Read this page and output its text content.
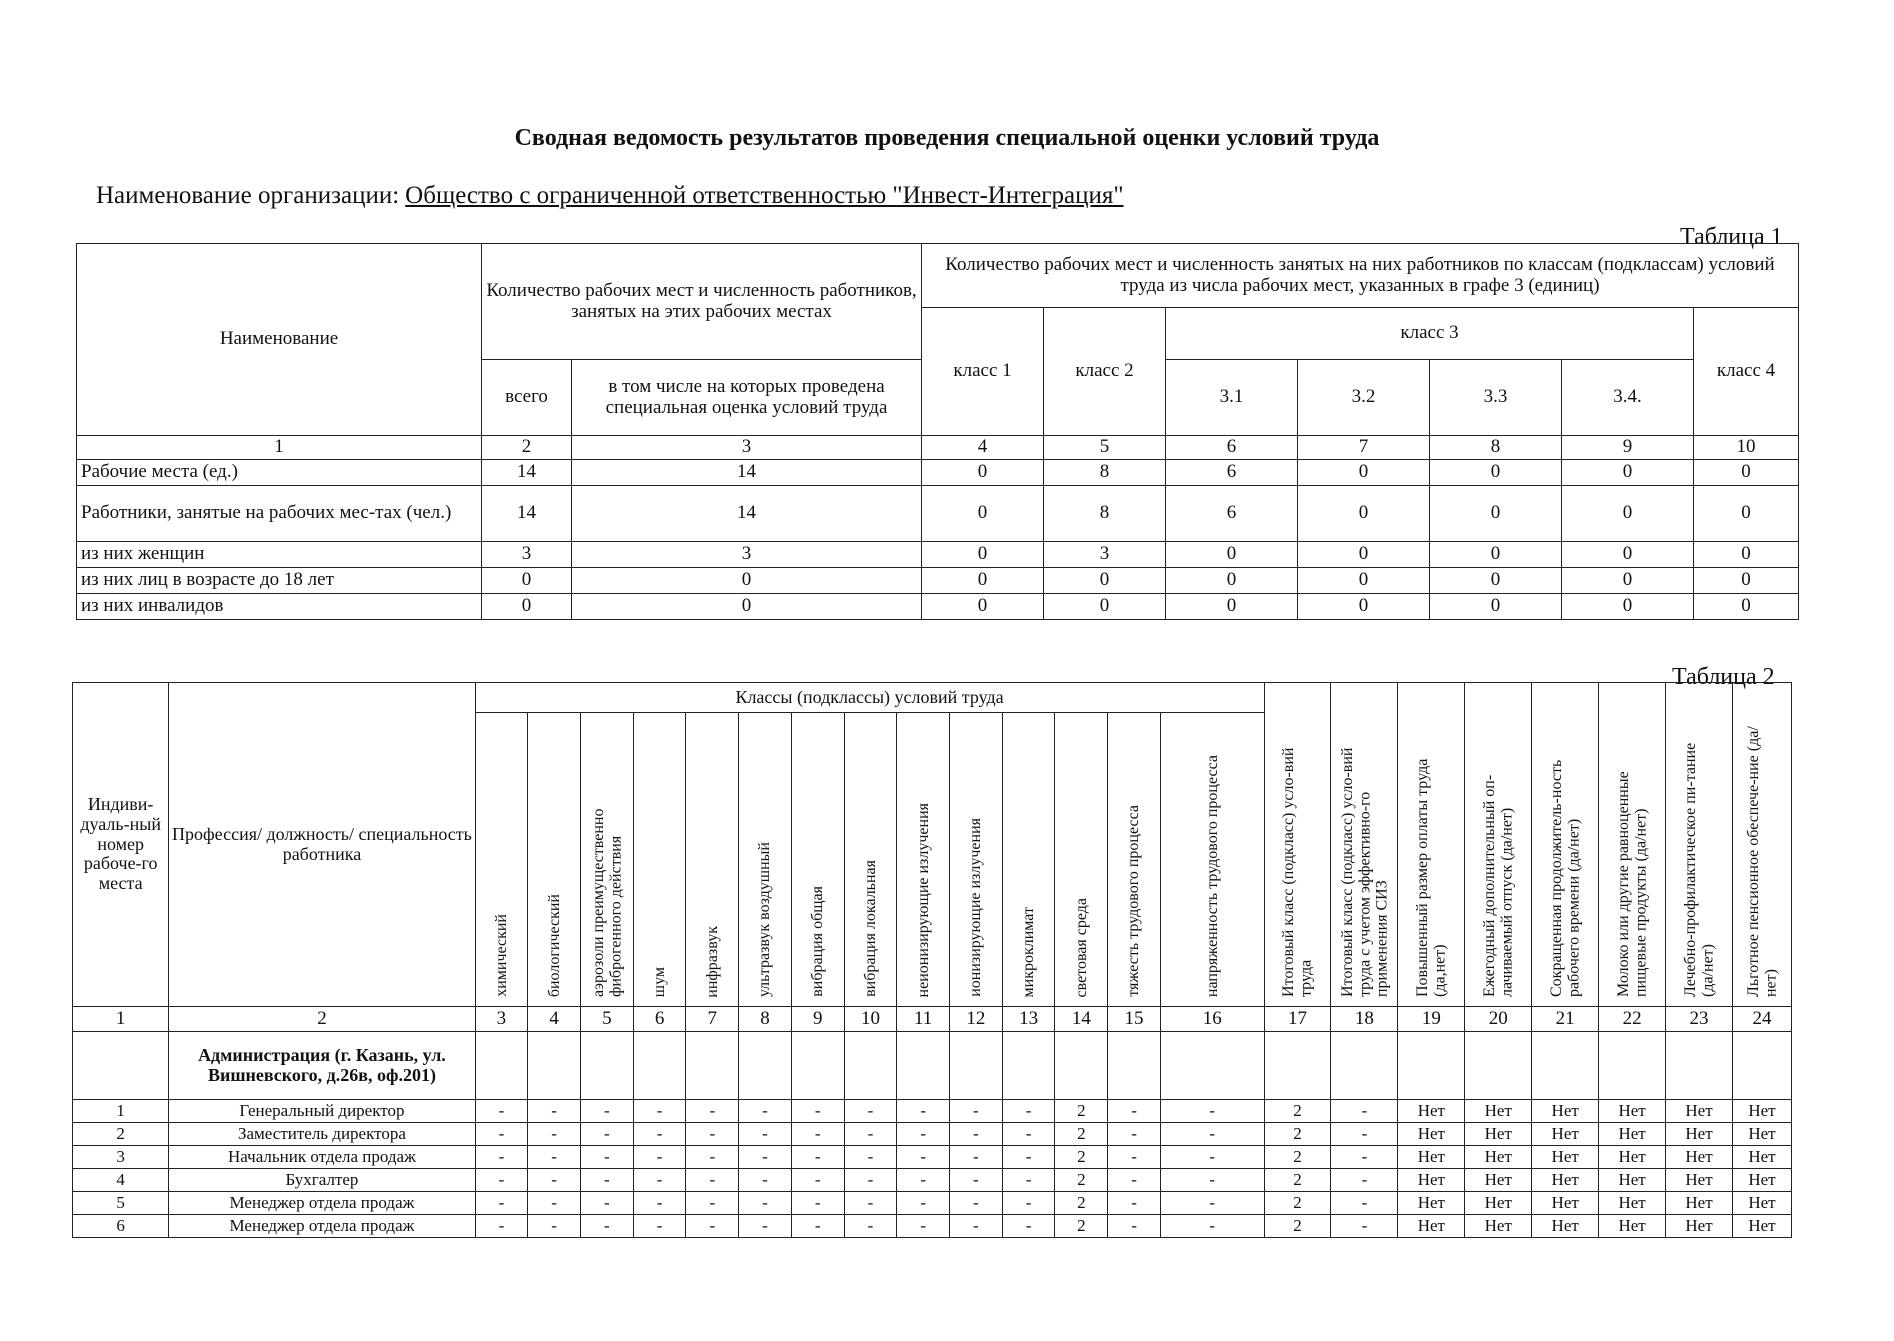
Сводная ведомость результатов проведения специальной оценки условий труда
Наименование организации: Общество с ограниченной ответственностью "Инвест-Интеграция"
Таблица 1
Наименование	Количество рабочих мест и численность работников, занятых на этих рабочих местах		Количество рабочих мест и численность занятых на них работников по классам (подклассам) условий труда из числа рабочих мест, указанных в графе 3 (единиц)						
			класс 1	класс 2	класс 3				класс 4
	всего	в том числе на которых проведена специальная оценка условий труда			3.1	3.2	3.3	3.4.	
1	2	3	4	5	6	7	8	9	10
Рабочие места (ед.)	14	14	0	8	6	0	0	0	0
Работники, занятые на рабочих мес-тах (чел.)	14	14	0	8	6	0	0	0	0
из них женщин	3	3	0	3	0	0	0	0	0
из них лиц в возрасте до 18 лет	0	0	0	0	0	0	0	0	0
из них инвалидов	0	0	0	0	0	0	0	0	0
Таблица 2
Индиви-дуаль-ный номер рабоче-го места	Профессия/ должность/ специальность работника	Классы (подклассы) условий труда														Итоговый класс (подкласс) усло-вий труда	Итоговый класс (подкласс) усло-вий труда с учетом эффективно-го применения СИЗ	Повышенный размер оплаты труда (да,нет)	Ежегодный дополнительный оп-лачиваемый отпуск (да/нет)	Сокращенная продолжитель-ность рабочего времени (да/нет)	Молоко или другие равноценные пищевые продукты (да/нет)	Лечебно-профилактическое пи-тание (да/нет)	Льготное пенсионное обеспече-ние (да/нет)
		химический	биологический	аэрозоли преимущественно фиброгенного действия	шум	инфразвук	ультразвук воздушный	вибрация общая	вибрация локальная	неионизирующие излучения	ионизирующие излучения	микроклимат	световая среда	тяжесть трудового процесса	напряженность трудового процесса								
1	2	3	4	5	6	7	8	9	10	11	12	13	14	15	16	17	18	19	20	21	22	23	24
	Администрация (г. Казань, ул. Вишневского, д.26в, оф.201)																						
1	Генеральный директор	-	-	-	-	-	-	-	-	-	-	-	2	-	-	2	-	Нет	Нет	Нет	Нет	Нет	Нет
2	Заместитель директора	-	-	-	-	-	-	-	-	-	-	-	2	-	-	2	-	Нет	Нет	Нет	Нет	Нет	Нет
3	Начальник отдела продаж	-	-	-	-	-	-	-	-	-	-	-	2	-	-	2	-	Нет	Нет	Нет	Нет	Нет	Нет
4	Бухгалтер	-	-	-	-	-	-	-	-	-	-	-	2	-	-	2	-	Нет	Нет	Нет	Нет	Нет	Нет
5	Менеджер отдела продаж	-	-	-	-	-	-	-	-	-	-	-	2	-	-	2	-	Нет	Нет	Нет	Нет	Нет	Нет
6	Менеджер отдела продаж	-	-	-	-	-	-	-	-	-	-	-	2	-	-	2	-	Нет	Нет	Нет	Нет	Нет	Нет
